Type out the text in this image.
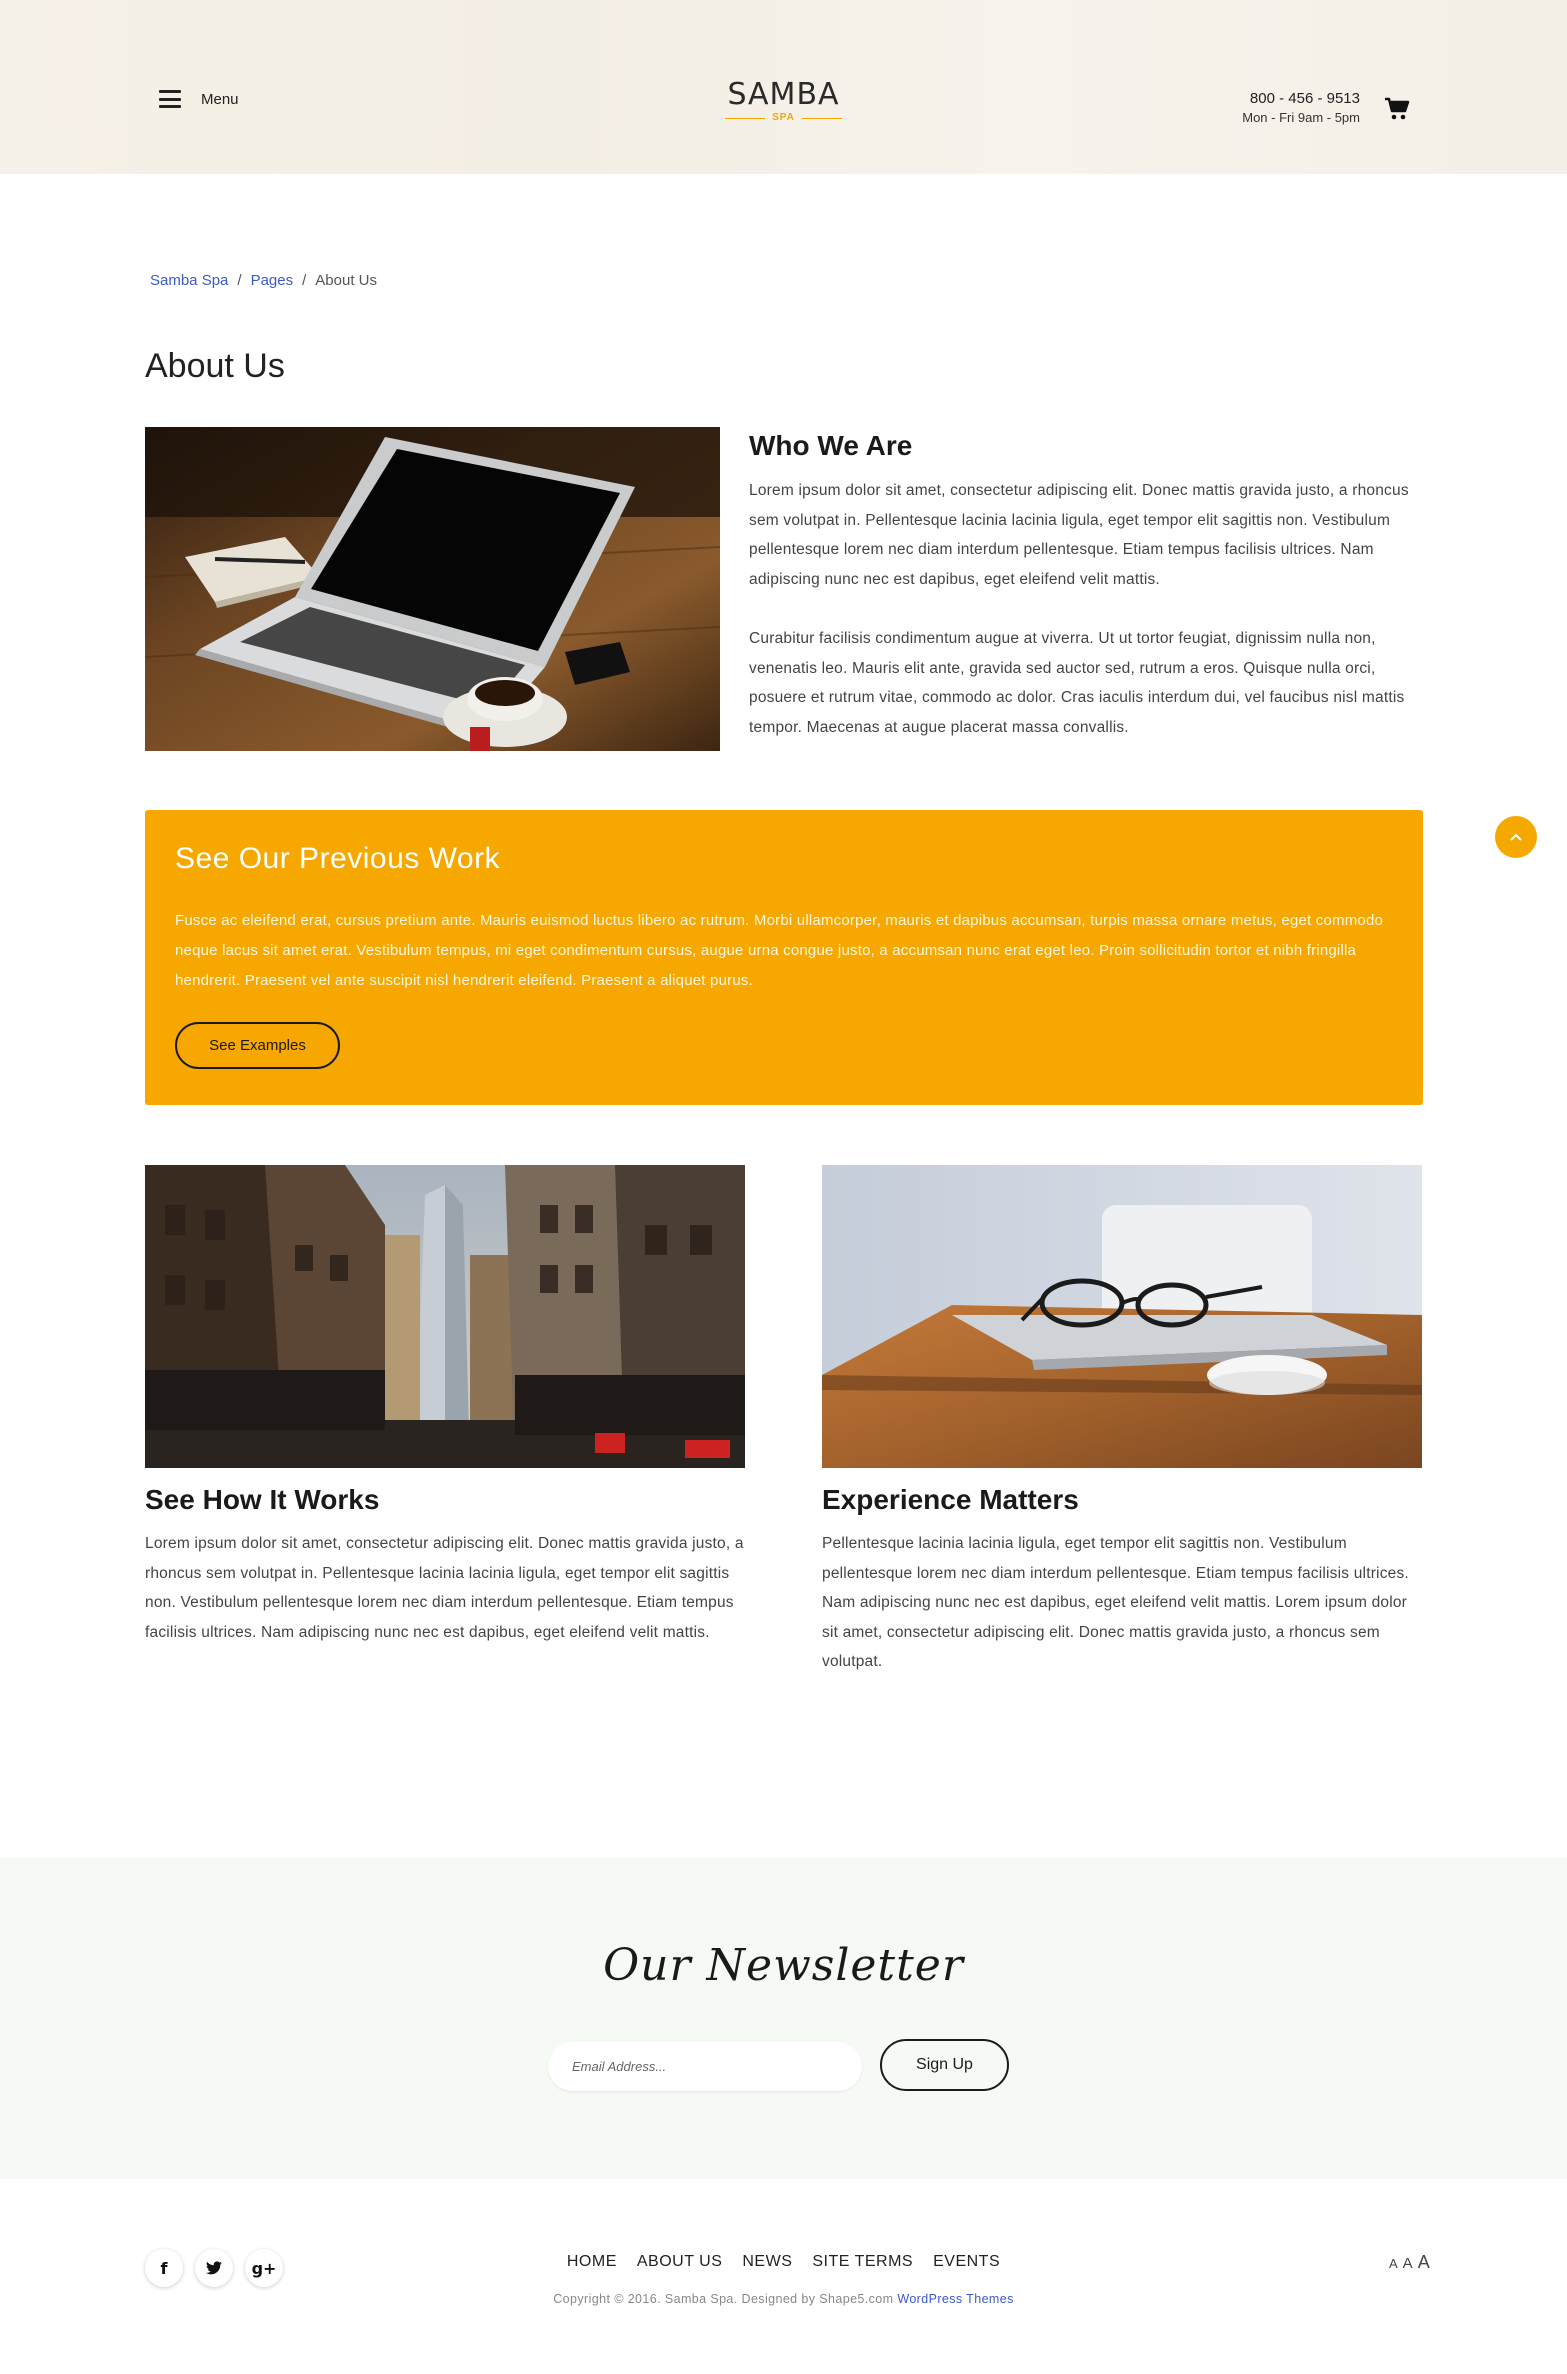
Menu	SAMBA
SPA
800 - 456 - 9513
Mon - Fri 9am - 5pm
Samba Spa / Pages / About Us
About Us
Who We Are

Lorem ipsum dolor sit amet, consectetur adipiscing elit. Donec mattis gravida justo, a rhoncus sem volutpat in. Pellentesque lacinia lacinia ligula, eget tempor elit sagittis non. Vestibulum pellentesque lorem nec diam interdum pellentesque. Etiam tempus facilisis ultrices. Nam adipiscing nunc nec est dapibus, eget eleifend velit mattis.

Curabitur facilisis condimentum augue at viverra. Ut ut tortor feugiat, dignissim nulla non, venenatis leo. Mauris elit ante, gravida sed auctor sed, rutrum a eros. Quisque nulla orci, posuere et rutrum vitae, commodo ac dolor. Cras iaculis interdum dui, vel faucibus nisl mattis tempor. Maecenas at augue placerat massa convallis.

See Our Previous Work

Fusce ac eleifend erat, cursus pretium ante. Mauris euismod luctus libero ac rutrum. Morbi ullamcorper, mauris et dapibus accumsan, turpis massa ornare metus, eget commodo neque lacus sit amet erat. Vestibulum tempus, mi eget condimentum cursus, augue urna congue justo, a accumsan nunc erat eget leo. Proin sollicitudin tortor et nibh fringilla hendrerit. Praesent vel ante suscipit nisl hendrerit eleifend. Praesent a aliquet purus.

See Examples
See How It Works

Lorem ipsum dolor sit amet, consectetur adipiscing elit. Donec mattis gravida justo, a rhoncus sem volutpat in. Pellentesque lacinia lacinia ligula, eget tempor elit sagittis non. Vestibulum pellentesque lorem nec diam interdum pellentesque. Etiam tempus facilisis ultrices. Nam adipiscing nunc nec est dapibus, eget eleifend velit mattis.

Experience Matters

Pellentesque lacinia lacinia ligula, eget tempor elit sagittis non. Vestibulum pellentesque lorem nec diam interdum pellentesque. Etiam tempus facilisis ultrices. Nam adipiscing nunc nec est dapibus, eget eleifend velit mattis. Lorem ipsum dolor sit amet, consectetur adipiscing elit. Donec mattis gravida justo, a rhoncus sem volutpat.

Our Newsletter
Email Address...
Sign Up
f	g+	HOME ABOUT US NEWS SITE TERMS EVENTS
Copyright © 2016. Samba Spa. Designed by Shape5.com WordPress Themes
A A A
